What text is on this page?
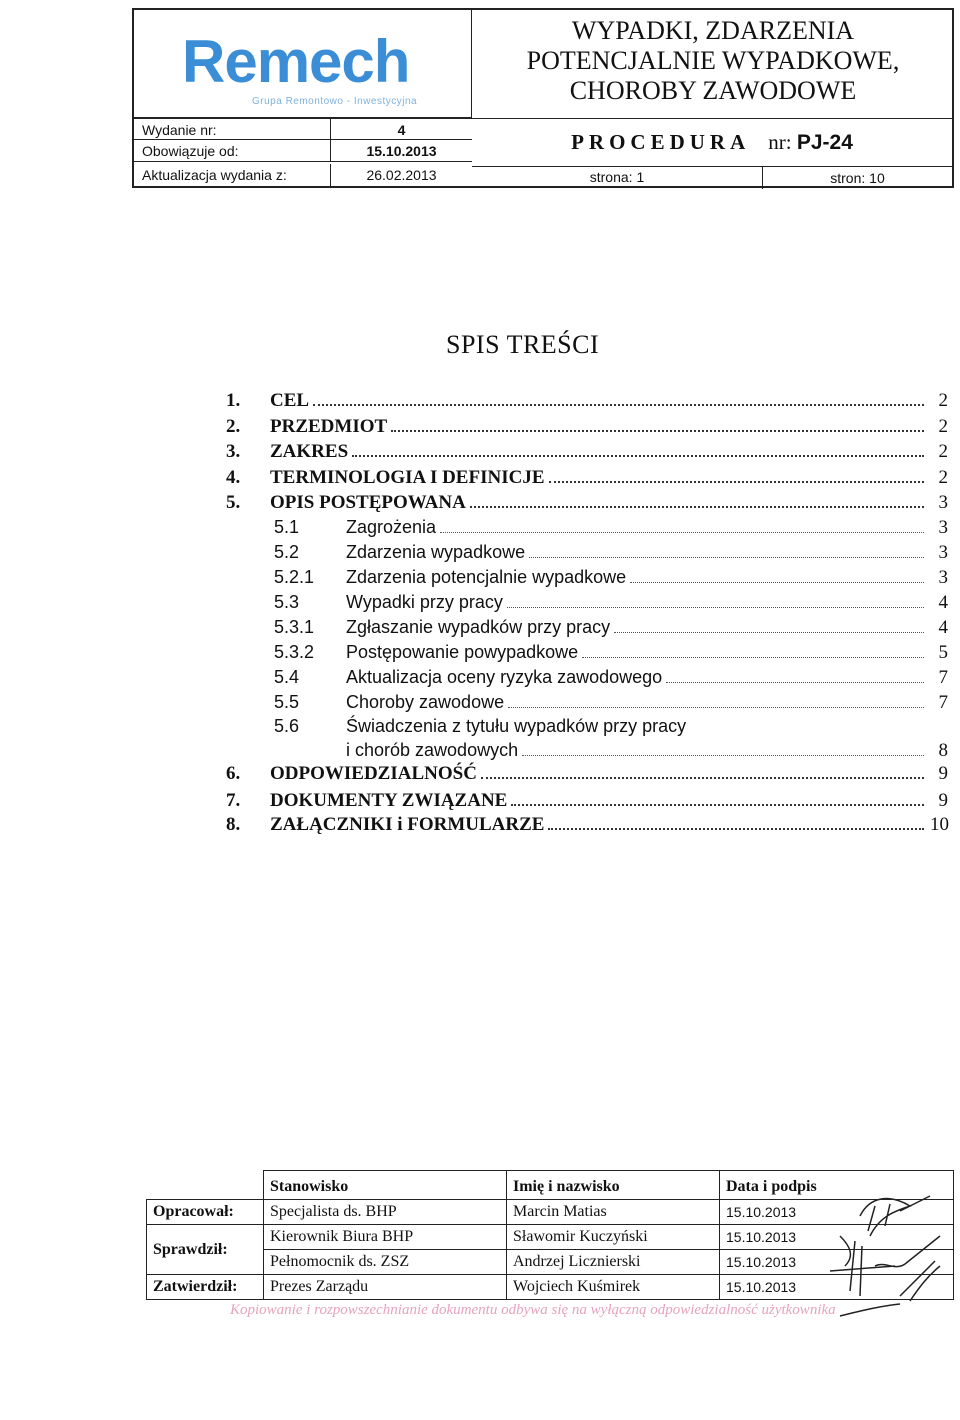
Remech
Grupa Remontowo - Inwestycyjna
WYPADKI, ZDARZENIA
POTENCJALNIE WYPADKOWE,
CHOROBY ZAWODOWE
PROCEDURA nr: PJ-24
Wydanie nr:	4
Obowiązuje od:	15.10.2013
Aktualizacja wydania z:	26.02.2013	strona: 1	stron: 10
SPIS TREŚCI
1.	CEL	2
2.	PRZEDMIOT	2
3.	ZAKRES	2
4.	TERMINOLOGIA I DEFINICJE	2
5.	OPIS POSTĘPOWANA	3
5.1	Zagrożenia	3
5.2	Zdarzenia wypadkowe	3
5.2.1	Zdarzenia potencjalnie wypadkowe	3
5.3	Wypadki przy pracy	4
5.3.1	Zgłaszanie wypadków przy pracy	4
5.3.2	Postępowanie powypadkowe	5
5.4	Aktualizacja oceny ryzyka zawodowego	7
5.5	Choroby zawodowe	7
5.6	Świadczenia z tytułu wypadków przy pracy
i chorób zawodowych	8
6.	ODPOWIEDZIALNOŚĆ	9
7.	DOKUMENTY ZWIĄZANE	9
8.	ZAŁĄCZNIKI i FORMULARZE	10
	Stanowisko	Imię i nazwisko	Data i podpis
Opracował:	Specjalista ds. BHP	Marcin Matias	15.10.2013
Sprawdził:	Kierownik Biura BHP	Sławomir Kuczyński	15.10.2013
	Pełnomocnik ds. ZSZ	Andrzej Licznierski	15.10.2013
Zatwierdził:	Prezes Zarządu	Wojciech Kuśmirek	15.10.2013
Kopiowanie i rozpowszechnianie dokumentu odbywa się na wyłączną odpowiedzialność użytkownika
